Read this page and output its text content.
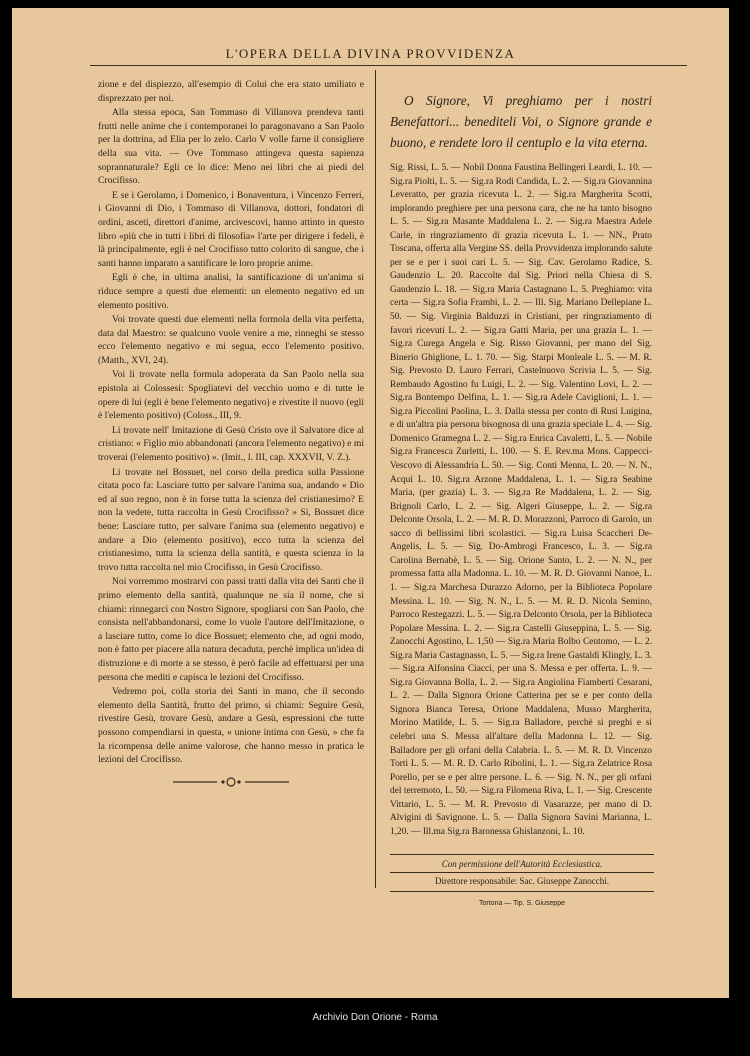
L'OPERA DELLA DIVINA PROVVIDENZA

zione e del dispiezzo, all'esempio di Colui che era stato umiliato e disprezzato per noi.

Alla stessa epoca, San Tommaso di Villanova prendeva tanti frutti nelle anime che i contemporanei lo paragonavano a San Paolo per la dottrina, ad Elia per lo zelo. Carlo V volle farne il consigliere della sua vita. — Ove Tommaso attingeva questa sapienza soprannaturale? Egli ce lo dice: Meno nei libri che ai piedi del Crocifisso.

E se i Gerolamo, i Domenico, i Bonaventura, i Vincenzo Ferreri, i Giovanni di Dio, i Tommaso di Villanova, dottori, fondatori di ordini, asceti, direttori d'anime, arcivescovi, hanno attinto in questo libro «più che in tutti i libri di filosofia» l'arte per dirigere i fedeli, è là principalmente, egli è nel Crocifisso tutto colorito di sangue, che i santi hanno imparato a santificare le loro proprie anime.

Egli è che, in ultima analisi, la santificazione di un'anima si riduce sempre a questi due elementi: un elemento negativo ed un elemento positivo.

Voi trovate questi due elementi nella formola della vita perfetta, data dal Maestro: se qualcuno vuole venire a me, rinneghi se stesso ecco l'elemento negativo e mi segua, ecco l'elemento positivo. (Matth., XVI, 24).

Voi li trovate nella formula adoperata da San Paolo nella sua epistola ai Colossesi: Spogliatevi del vecchio uomo e di tutte le opere di lui (egli è bene l'elemento negativo) e rivestite il nuovo (egli è l'elemento positivo) (Coloss., III, 9.

Li trovate nell' Imitazione di Gesù Cristo ove il Salvatore dice al cristiano: « Figlio mio abbandonati (ancora l'elemento negativo) e mi troverai (l'elemento positivo) ». (Imit., l. III, cap. XXXVII, V. Z.).

Li trovate nel Bossuet, nel corso della predica sulla Passione citata poco fa: Lasciare tutto per salvare l'anima sua, andando « Dio ed al suo regno, non è in forse tutta la scienza del cristianesimo? E non la vedete, tutta raccolta in Gesù Crocifisso? » Sì, Bossuet dice bene: Lasciare tutto, per salvare l'anima sua (elemento negativo) e andare a Dio (elemento positivo), ecco tutta la scienza del cristianesimo, tutta la scienza della santità, e questa scienza io la trovo tutta raccolta nel mio Crocifisso, in Gesù Crocifisso.

Noi vorremmo mostrarvi con passi tratti dalla vita dei Santi che il primo elemento della santità, qualunque ne sia il nome, che si chiami: rinnegarci con Nostro Signore, spogliarsi con San Paolo, che consista nell'abbandonarsi, come lo vuole l'autore dell'Imitazione, o a lasciare tutto, come lo dice Bossuet; elemento che, ad ogni modo, non è fatto per piacere alla natura decaduta, perchè implica un'idea di distruzione e di morte a se stesso, è però facile ad effettuarsi per una persona che mediti e capisca le lezioni del Crocifisso.

Vedremo poi, colla storia dei Santi in mano, che il secondo elemento della Santità, frutto del primo, si chiami: Seguire Gesù, rivestire Gesù, trovare Gesù, andare a Gesù, espressioni che tutte possono compendiarsi in questa, « unione intima con Gesù, » che fa la ricompensa delle anime valorose, che hanno messo in pratica le lezioni del Crocifisso.

O Signore, Vi preghiamo per i nostri Benefattori... benediteli Voi, o Signore grande e buono, e rendete loro il centuplo e la vita eterna.

Sig. Rissi, L. 5. — Nobil Donna Faustina Bellingeri Leardi, L. 10. — Sig.ra Piolti, L. 5. — Sig.ra Rodi Candida, L. 2. — Sig.ra Giovannina Leveratto, per grazia ricevuta L. 2. — Sig.ra Margherita Scotti, implorando preghiere per una persona cara, che ne ha tanto bisogno L. 5. — Sig.ra Masante Maddalena L. 2. — Sig.ra Maestra Adele Carle, in ringraziamento di grazia ricevuta L. 1. — NN., Prato Toscana, offerta alla Vergine SS. della Provvidenza implorando salute per se e per i suoi cari L. 5. — Sig. Cav. Gerolamo Radice, S. Gaudenzio L. 20. Raccolte dal Sig. Priori nella Chiesa di S. Gaudenzio L. 18. — Sig.ra Maria Castagnano L. 5. Preghiamo: vita certa — Sig.ra Sofia Frambi, L. 2. — Ill. Sig. Mariano Dellepiane L. 50. — Sig. Virginia Balduzzi in Cristiani, per ringraziamento di favori ricevuti L. 2. — Sig.ra Gatti Maria, per una grazia L. 1. — Sig.ra Curega Angela e Sig. Risso Giovanni, per mano del Sig. Binerio Ghiglione, L. 1. 70. — Sig. Starpi Monleale L. 5. — M. R. Sig. Prevosto D. Lauro Ferrari, Castelnuovo Scrivia L. 5. — Sig. Rembaudo Agostino fu Luigi, L. 2. — Sig. Valentino Lovi, L. 2. — Sig.ra Bontempo Delfina, L. 1. — Sig.ra Adele Caviglioni, L. 1. — Sig.ra Piccolini Paolina, L. 3. Dalla stessa per conto di Rusi Luigina, e di un'altra pia persona bisognosa di una grazia speciale L. 4. — Sig. Domenico Gramegna L. 2. — Sig.ra Enrica Cavaletti, L. 5. — Nobile Sig.ra Francesca Zurletti, L. 100. — S. E. Rev.ma Mons. Cappecci-Vescovo di Alessandria L. 50. — Sig. Conti Menna, L. 20. — N. N., Acqui L. 10. Sig.ra Arzone Maddalena, L. 1. — Sig.ra Seabine Maria, (per grazia) L. 3. — Sig.ra Re Maddalena, L. 2. — Sig. Brignoli Carlo, L. 2. — Sig. Algeri Giuseppe, L. 2. — Sig.ra Delconte Orsola, L. 2. — M. R. D. Morazzoni, Parroco di Garolo, un sacco di bellissimi libri scolastici. — Sig.ra Luisa Scaccheri De-Angelis, L. 5. — Sig. Do-Ambrogi Francesco, L. 3. — Sig.ra Carolina Bernabè, L. 5. — Sig. Orione Santo, L. 2. — N. N., per promessa fatta alla Madonna. L. 10. — M. R. D. Giovanni Nanoe, L. 1. — Sig.ra Marchesa Durazzo Adorno, per la Biblioteca Popolare Messina. L. 10. — Sig. N. N., L. 5. — M. R. D. Nicola Semino, Parroco Restegazzi. L. 5. — Sig.ra Delconto Orsola, per la Biblioteca Popolare Messina. L. 2. — Sig.ra Castelli Giuseppina, L. 5. — Sig. Zanocchi Agostino, L. 1,50 — Sig.ra Maria Bolbo Centomo, — L. 2. Sig.ra Maria Castagnasso, L. 5. — Sig.ra Irene Gastaldi Klingly, L. 3. — Sig.ra Alfonsina Ciacci, per una S. Messa e per offerta. L. 9. — Sig.ra Giovanna Bolla, L. 2. — Sig.ra Angiolina Fiamberti Cesarani, L. 2. — Dalla Signora Orione Catterina per se e per conto della Signora Bianca Teresa, Orione Maddalena, Musso Margherita, Morino Matilde, L. 5. — Sig.ra Balladore, perchè si preghi e si celebri una S. Messa all'altare della Madonna L. 12. — Sig. Balladore per gli orfani della Calabria. L. 5. — M. R. D. Vincenzo Torti L. 5. — M. R. D. Carlo Ribolini, L. 1. — Sig.ra Zelatrice Rosa Porello, per se e per altre persone. L. 6. — Sig. N. N., per gli orfani del terremoto, L. 50. — Sig.ra Filomena Riva, L. 1. — Sig. Crescente Vittario, L. 5. — M. R. Prevosto di Vasarazze, per mano di D. Alvigini di Savignone. L. 5. — Dalla Signora Savini Marianna, L. 1,20. — Ill.ma Sig.ra Baronessa Ghislanzoni, L. 10.

Con permissione dell'Autorità Ecclesiastica.
Direttore responsabile: Sac. Giuseppe Zanocchi.
Tortona — Tip. S. Giuseppe
Archivio Don Orione - Roma
